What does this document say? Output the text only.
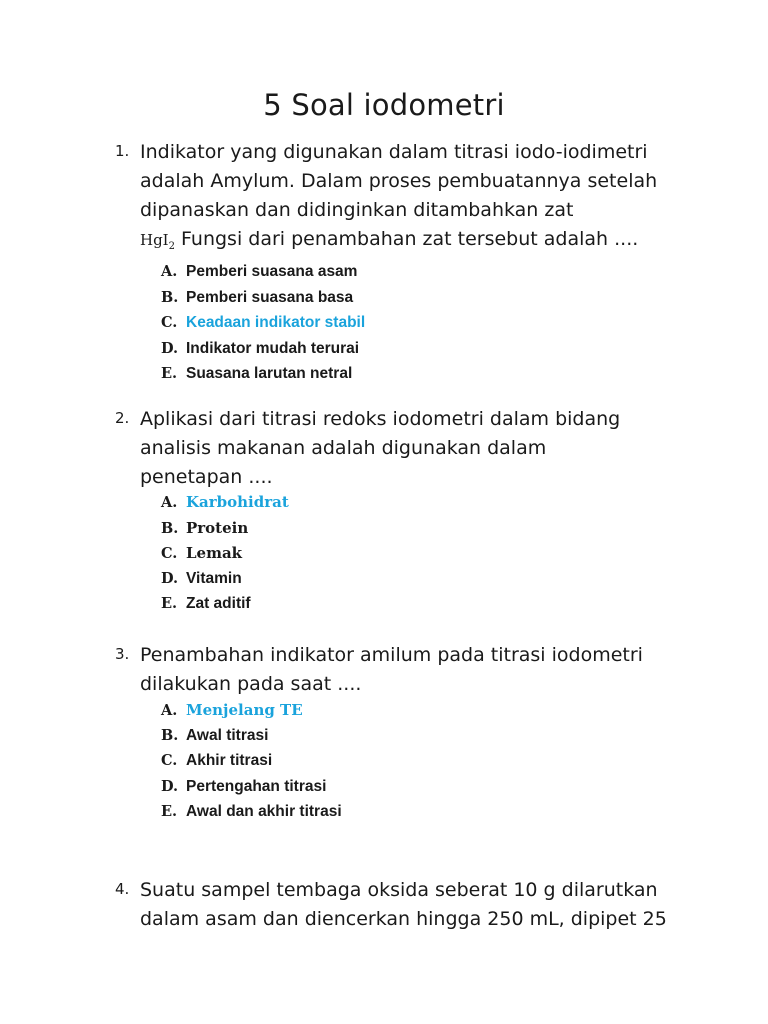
5 Soal iodometri
1. Indikator yang digunakan dalam titrasi iodo-iodimetri
adalah Amylum. Dalam proses pembuatannya setelah
dipanaskan dan didinginkan ditambahkan zat
HgI$_2$ Fungsi dari penambahan zat tersebut adalah ....
A. Pemberi suasana asam
B. Pemberi suasana basa
C. Keadaan indikator stabil
D. Indikator mudah terurai
E. Suasana larutan netral
2. Aplikasi dari titrasi redoks iodometri dalam bidang
analisis makanan adalah digunakan dalam
penetapan ....
A. Karbohidrat
B. Protein
C. Lemak
D. Vitamin
E. Zat aditif
3. Penambahan indikator amilum pada titrasi iodometri
dilakukan pada saat ....
A. Menjelang TE
B. Awal titrasi
C. Akhir titrasi
D. Pertengahan titrasi
E. Awal dan akhir titrasi
4. Suatu sampel tembaga oksida seberat 10 g dilarutkan
dalam asam dan diencerkan hingga 250 mL, dipipet 25
